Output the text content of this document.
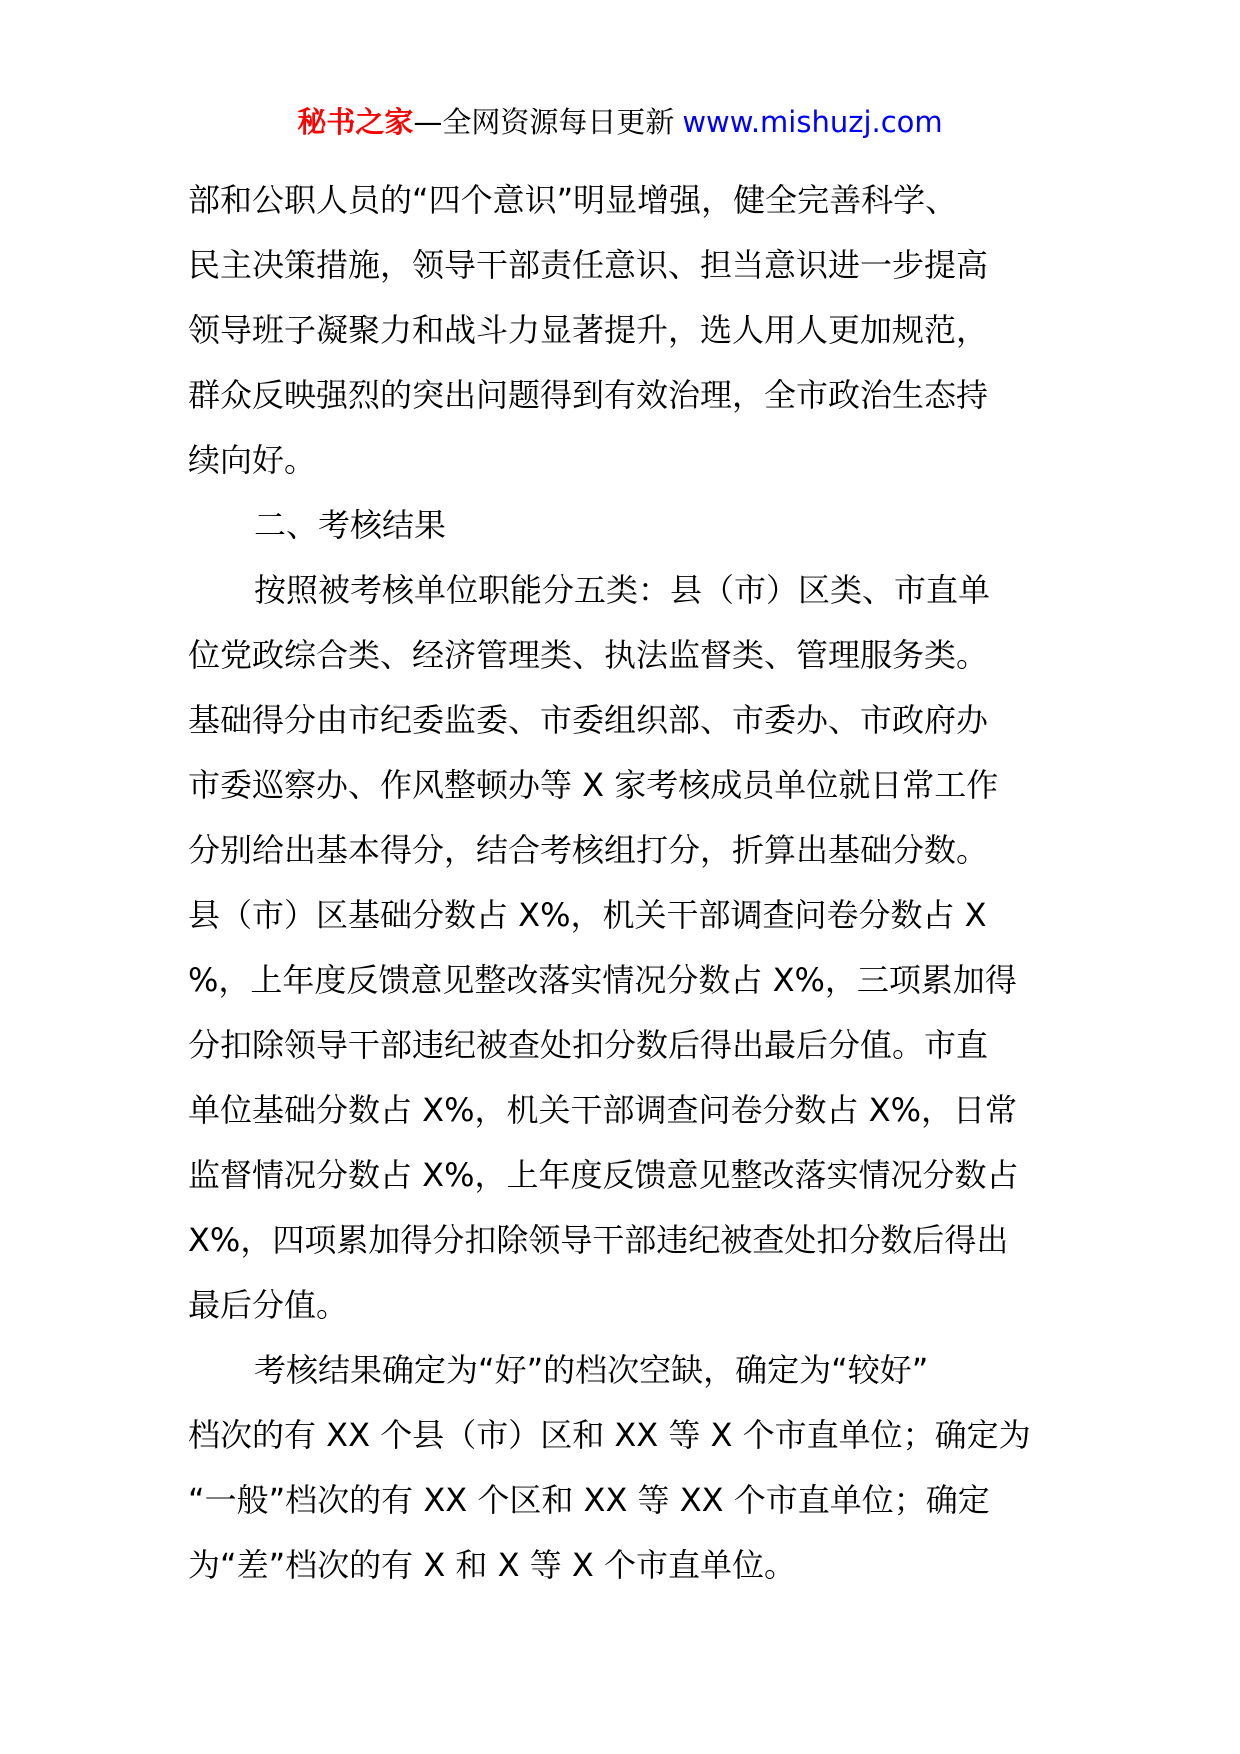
秘书之家—全网资源每日更新 www.mishuzj.com
部和公职人员的“四个意识”明显增强，健全完善科学、
民主决策措施，领导干部责任意识、担当意识进一步提高
领导班子凝聚力和战斗力显著提升，选人用人更加规范，
群众反映强烈的突出问题得到有效治理，全市政治生态持
续向好。
二、考核结果
按照被考核单位职能分五类：县（市）区类、市直单
位党政综合类、经济管理类、执法监督类、管理服务类。
基础得分由市纪委监委、市委组织部、市委办、市政府办
市委巡察办、作风整顿办等 X 家考核成员单位就日常工作
分别给出基本得分，结合考核组打分，折算出基础分数。
县（市）区基础分数占 X%，机关干部调查问卷分数占 X
%，上年度反馈意见整改落实情况分数占 X%，三项累加得
分扣除领导干部违纪被查处扣分数后得出最后分值。市直
单位基础分数占 X%，机关干部调查问卷分数占 X%，日常
监督情况分数占 X%，上年度反馈意见整改落实情况分数占
X%，四项累加得分扣除领导干部违纪被查处扣分数后得出
最后分值。
考核结果确定为“好”的档次空缺，确定为“较好”
档次的有 XX 个县（市）区和 XX 等 X 个市直单位；确定为
“一般”档次的有 XX 个区和 XX 等 XX 个市直单位；确定
为“差”档次的有 X 和 X 等 X 个市直单位。
